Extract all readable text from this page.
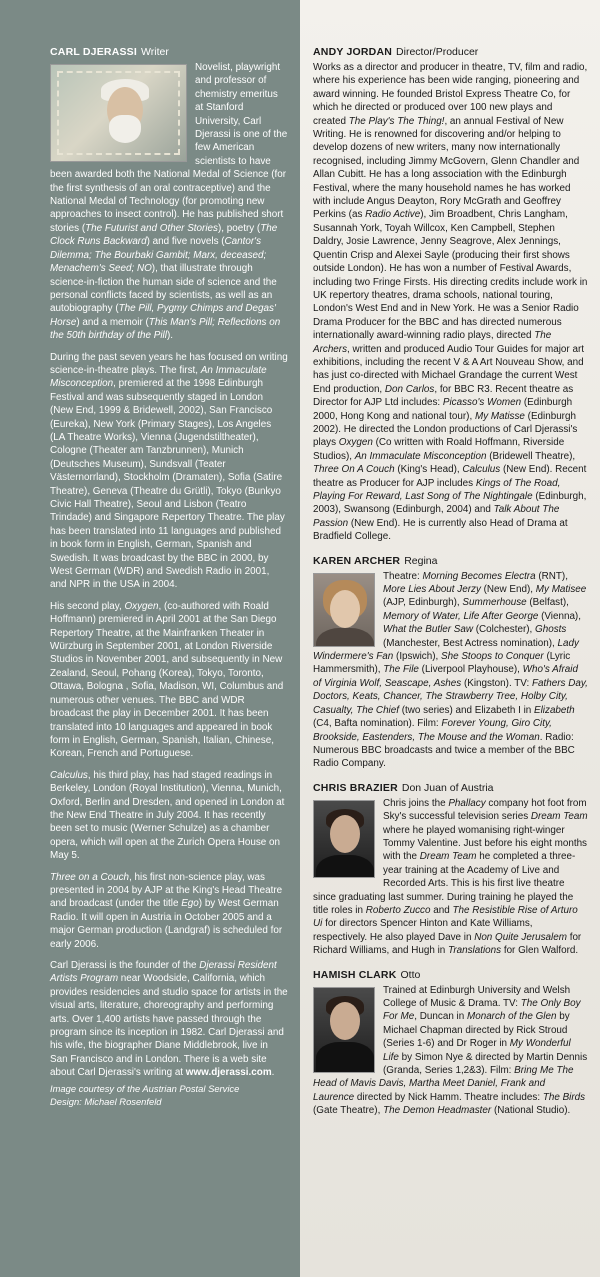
CARL DJERASSI Writer

Novelist, playwright and professor of chemistry emeritus at Stanford University, Carl Djerassi is one of the few American scientists to have been awarded both the National Medal of Science (for the first synthesis of an oral contraceptive) and the National Medal of Technology (for promoting new approaches to insect control). He has published short stories (The Futurist and Other Stories), poetry (The Clock Runs Backward) and five novels (Cantor's Dilemma; The Bourbaki Gambit; Marx, deceased; Menachem's Seed; NO), that illustrate through science-in-fiction the human side of science and the personal conflicts faced by scientists, as well as an autobiography (The Pill, Pygmy Chimps and Degas' Horse) and a memoir (This Man's Pill; Reflections on the 50th birthday of the Pill).

During the past seven years he has focused on writing science-in-theatre plays. The first, An Immaculate Misconception, premiered at the 1998 Edinburgh Festival and was subsequently staged in London (New End, 1999 & Bridewell, 2002), San Francisco (Eureka), New York (Primary Stages), Los Angeles (LA Theatre Works), Vienna (Jugendstiltheater), Cologne (Theater am Tanzbrunnen), Munich (Deutsches Museum), Sundsvall (Teater Västernorrland), Stockholm (Dramaten), Sofia (Satire Theatre), Geneva (Theatre du Grütli), Tokyo (Bunkyo Civic Hall Theatre), Seoul and Lisbon (Teatro Trindade) and Singapore Repertory Theatre. The play has been translated into 11 languages and published in book form in English, German, Spanish and Swedish. It was broadcast by the BBC in 2000, by West German (WDR) and Swedish Radio in 2001, and NPR in the USA in 2004.

His second play, Oxygen, (co-authored with Roald Hoffmann) premiered in April 2001 at the San Diego Repertory Theatre, at the Mainfranken Theater in Würzburg in September 2001, at London Riverside Studios in November 2001, and subsequently in New Zealand, Seoul, Pohang (Korea), Tokyo, Toronto, Ottawa, Bologna , Sofia, Madison, WI, Columbus and numerous other venues. The BBC and WDR broadcast the play in December 2001. It has been translated into 10 languages and appeared in book form in English, German, Spanish, Italian, Chinese, Korean, French and Portuguese.

Calculus, his third play, has had staged readings in Berkeley, London (Royal Institution), Vienna, Munich, Oxford, Berlin and Dresden, and opened in London at the New End Theatre in July 2004. It has recently been set to music (Werner Schulze) as a chamber opera, which will open at the Zurich Opera House on May 5.

Three on a Couch, his first non-science play, was presented in 2004 by AJP at the King's Head Theatre and broadcast (under the title Ego) by West German Radio. It will open in Austria in October 2005 and a major German production (Landgraf) is scheduled for early 2006.

Carl Djerassi is the founder of the Djerassi Resident Artists Program near Woodside, California, which provides residencies and studio space for artists in the visual arts, literature, choreography and performing arts. Over 1,400 artists have passed through the program since its inception in 1982. Carl Djerassi and his wife, the biographer Diane Middlebrook, live in San Francisco and in London. There is a web site about Carl Djerassi's writing at www.djerassi.com.

Image courtesy of the Austrian Postal Service

Design: Michael Rosenfeld

ANDY JORDAN Director/Producer

Works as a director and producer in theatre, TV, film and radio, where his experience has been wide ranging, pioneering and award winning. He founded Bristol Express Theatre Co, for which he directed or produced over 100 new plays and created The Play's The Thing!, an annual Festival of New Writing. He is renowned for discovering and/or helping to develop dozens of new writers, many now internationally recognised, including Jimmy McGovern, Glenn Chandler and Allan Cubitt. He has a long association with the Edinburgh Festival, where the many household names he has worked with include Angus Deayton, Rory McGrath and Geoffrey Perkins (as Radio Active), Jim Broadbent, Chris Langham, Susannah York, Toyah Willcox, Ken Campbell, Stephen Daldry, Josie Lawrence, Jenny Seagrove, Alex Jennings, Quentin Crisp and Alexei Sayle (producing their first shows outside London). He has won a number of Festival Awards, including two Fringe Firsts. His directing credits include work in UK repertory theatres, drama schools, national touring, London's West End and in New York. He was a Senior Radio Drama Producer for the BBC and has directed numerous internationally award-winning radio plays, directed The Archers, written and produced Audio Tour Guides for major art exhibitions, including the recent V & A Art Nouveau Show, and has just co-directed with Michael Grandage the current West End production, Don Carlos, for BBC R3. Recent theatre as Director for AJP Ltd includes: Picasso's Women (Edinburgh 2000, Hong Kong and national tour), My Matisse (Edinburgh 2002). He directed the London productions of Carl Djerassi's plays Oxygen (Co written with Roald Hoffmann, Riverside Studios), An Immaculate Misconception (Bridewell Theatre), Three On A Couch (King's Head), Calculus (New End). Recent theatre as Producer for AJP includes Kings of The Road, Playing For Reward, Last Song of The Nightingale (Edinburgh, 2003), Swansong (Edinburgh, 2004) and Talk About The Passion (New End). He is currently also Head of Drama at Bradfield College.

KAREN ARCHER Regina

Theatre: Morning Becomes Electra (RNT), More Lies About Jerzy (New End), My Matisee (AJP, Edinburgh), Summerhouse (Belfast), Memory of Water, Life After George (Vienna), What the Butler Saw (Colchester), Ghosts (Manchester, Best Actress nomination), Lady Windermere's Fan (Ipswich), She Stoops to Conquer (Lyric Hammersmith), The File (Liverpool Playhouse), Who's Afraid of Virginia Wolf, Seascape, Ashes (Kingston). TV: Fathers Day, Doctors, Keats, Chancer, The Strawberry Tree, Holby City, Casualty, The Chief (two series) and Elizabeth I in Elizabeth (C4, Bafta nomination). Film: Forever Young, Giro City, Brookside, Eastenders, The Mouse and the Woman. Radio: Numerous BBC broadcasts and twice a member of the BBC Radio Company.

CHRIS BRAZIER Don Juan of Austria

Chris joins the Phallacy company hot foot from Sky's successful television series Dream Team where he played womanising right-winger Tommy Valentine. Just before his eight months with the Dream Team he completed a three-year training at the Academy of Live and Recorded Arts. This is his first live theatre since graduating last summer. During training he played the title roles in Roberto Zucco and The Resistible Rise of Arturo Ui for directors Spencer Hinton and Kate Williams, respectively. He also played Dave in Non Quite Jerusalem for Richard Williams, and Hugh in Translations for Glen Walford.

HAMISH CLARK Otto

Trained at Edinburgh University and Welsh College of Music & Drama. TV: The Only Boy For Me, Duncan in Monarch of the Glen by Michael Chapman directed by Rick Stroud (Series 1-6) and Dr Roger in My Wonderful Life by Simon Nye & directed by Martin Dennis (Granda, Series 1,2&3). Film: Bring Me The Head of Mavis Davis, Martha Meet Daniel, Frank and Laurence directed by Nick Hamm. Theatre includes: The Birds (Gate Theatre), The Demon Headmaster (National Studio).
